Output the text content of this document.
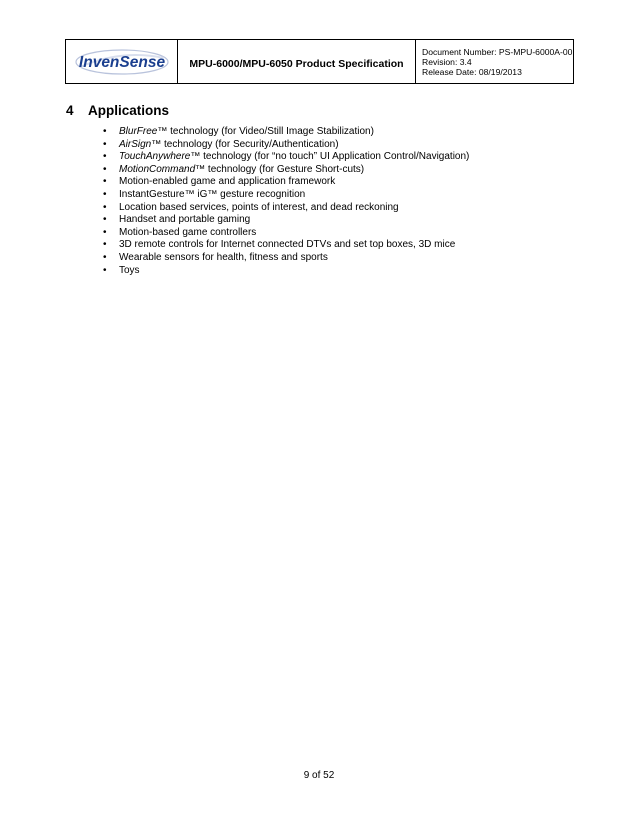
InvenSense MPU-6000/MPU-6050 Product Specification
Document Number: PS-MPU-6000A-00
Revision: 3.4
Release Date: 08/19/2013
4 Applications
• BlurFree™ technology (for Video/Still Image Stabilization)
• AirSign™ technology (for Security/Authentication)
• TouchAnywhere™ technology (for “no touch” UI Application Control/Navigation)
• MotionCommand™ technology (for Gesture Short-cuts)
• Motion-enabled game and application framework
• InstantGesture™ iG™ gesture recognition
• Location based services, points of interest, and dead reckoning
• Handset and portable gaming
• Motion-based game controllers
• 3D remote controls for Internet connected DTVs and set top boxes, 3D mice
• Wearable sensors for health, fitness and sports
• Toys
9 of 52
